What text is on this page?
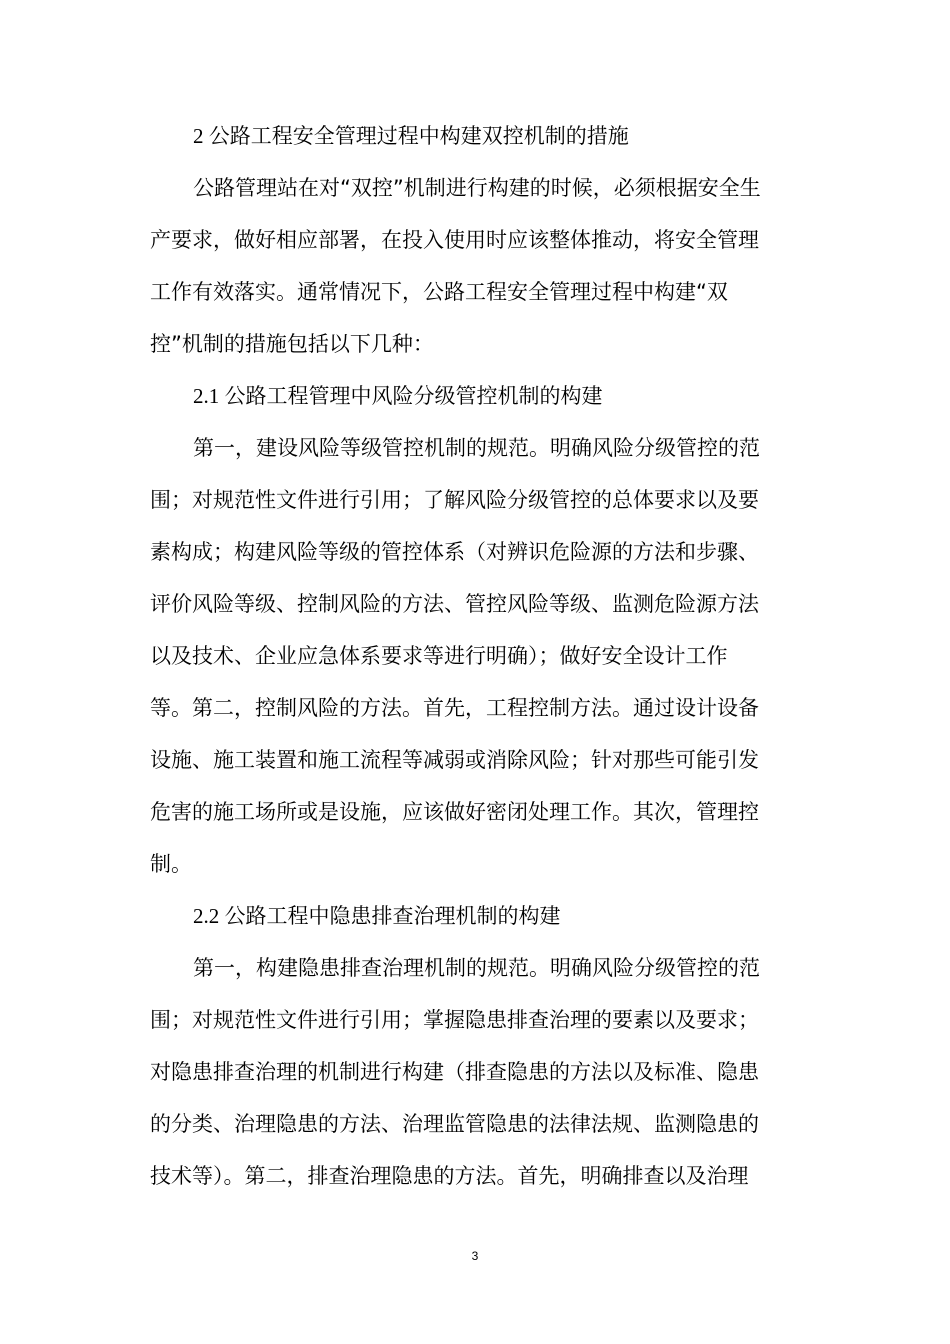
2 公路工程安全管理过程中构建双控机制的措施
公路管理站在对“双控”机制进行构建的时候，必须根据安全生
产要求，做好相应部署，在投入使用时应该整体推动，将安全管理
工作有效落实。通常情况下，公路工程安全管理过程中构建“双
控”机制的措施包括以下几种：
2.1 公路工程管理中风险分级管控机制的构建
第一，建设风险等级管控机制的规范。明确风险分级管控的范
围；对规范性文件进行引用；了解风险分级管控的总体要求以及要
素构成；构建风险等级的管控体系（对辨识危险源的方法和步骤、
评价风险等级、控制风险的方法、管控风险等级、监测危险源方法
以及技术、企业应急体系要求等进行明确）；做好安全设计工作
等。第二，控制风险的方法。首先，工程控制方法。通过设计设备
设施、施工装置和施工流程等减弱或消除风险；针对那些可能引发
危害的施工场所或是设施，应该做好密闭处理工作。其次，管理控
制。
2.2 公路工程中隐患排查治理机制的构建
第一，构建隐患排查治理机制的规范。明确风险分级管控的范
围；对规范性文件进行引用；掌握隐患排查治理的要素以及要求；
对隐患排查治理的机制进行构建（排查隐患的方法以及标准、隐患
的分类、治理隐患的方法、治理监管隐患的法律法规、监测隐患的
技术等）。第二，排查治理隐患的方法。首先，明确排查以及治理
3
